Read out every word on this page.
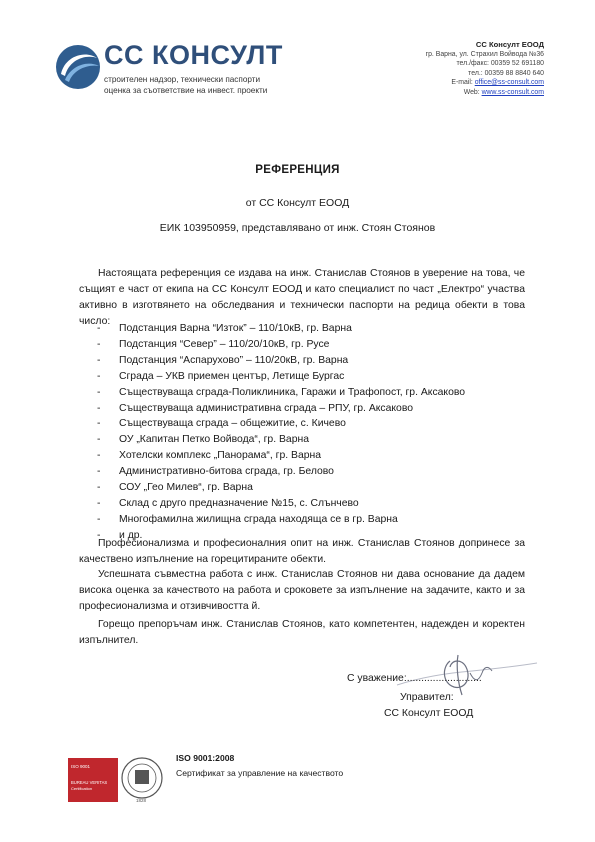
СС КОНСУЛТ
строителен надзор, технически паспорти
оценка за съответствие на инвест. проекти
СС Консулт ЕООД
гр. Варна, ул. Страхил Войвода №36
тел./факс: 00359 52 691180
тел.: 00359 88 8840 640
E-mail: office@ss-consult.com
Web: www.ss-consult.com
РЕФЕРЕНЦИЯ
от СС Консулт ЕООД
ЕИК 103950959, представлявано от инж. Стоян Стоянов
Настоящата референция се издава на инж. Станислав Стоянов в уверение на това, че същият е част от екипа на СС Консулт ЕООД и като специалист по част „Електро“ участва активно в изготвянето на обследвания и технически паспорти на редица обекти в това число:
- Подстанция Варна “Изток” – 110/10кВ, гр. Варна
- Подстанция “Север” – 110/20/10кВ, гр. Русе
- Подстанция “Аспарухово” – 110/20кВ, гр. Варна
- Сграда – УКВ приемен център, Летище Бургас
- Съществуваща сграда-Поликлиника, Гаражи и Трафопост, гр. Аксаково
- Съществуваща административна сграда – РПУ, гр. Аксаково
- Съществуваща сграда – общежитие, с. Кичево
- ОУ „Капитан Петко Войвода“, гр. Варна
- Хотелски комплекс „Панорама“, гр. Варна
- Административно-битова сграда, гр. Белово
- СОУ „Гео Милев“, гр. Варна
- Склад с друго предназначение №15, с. Слънчево
- Многофамилна жилищна сграда находяща се в гр. Варна
- и др.
Професионализма и професионалния опит на инж. Станислав Стоянов допринесе за качествено изпълнение на горецитираните обекти.
Успешната съвместна работа с инж. Станислав Стоянов ни дава основание да дадем висока оценка за качеството на работа и сроковете за изпълнение на задачите, както и за професионализма и отзивчивостта й.
Горещо препоръчам инж. Станислав Стоянов, като компетентен, надежден и коректен изпълнител.
С уважение:..........................
Управител:
СС Консулт ЕООД
ISO 9001
BUREAU VERITAS
Certification
1828
ISO 9001:2008
Сертификат за управление на качеството
